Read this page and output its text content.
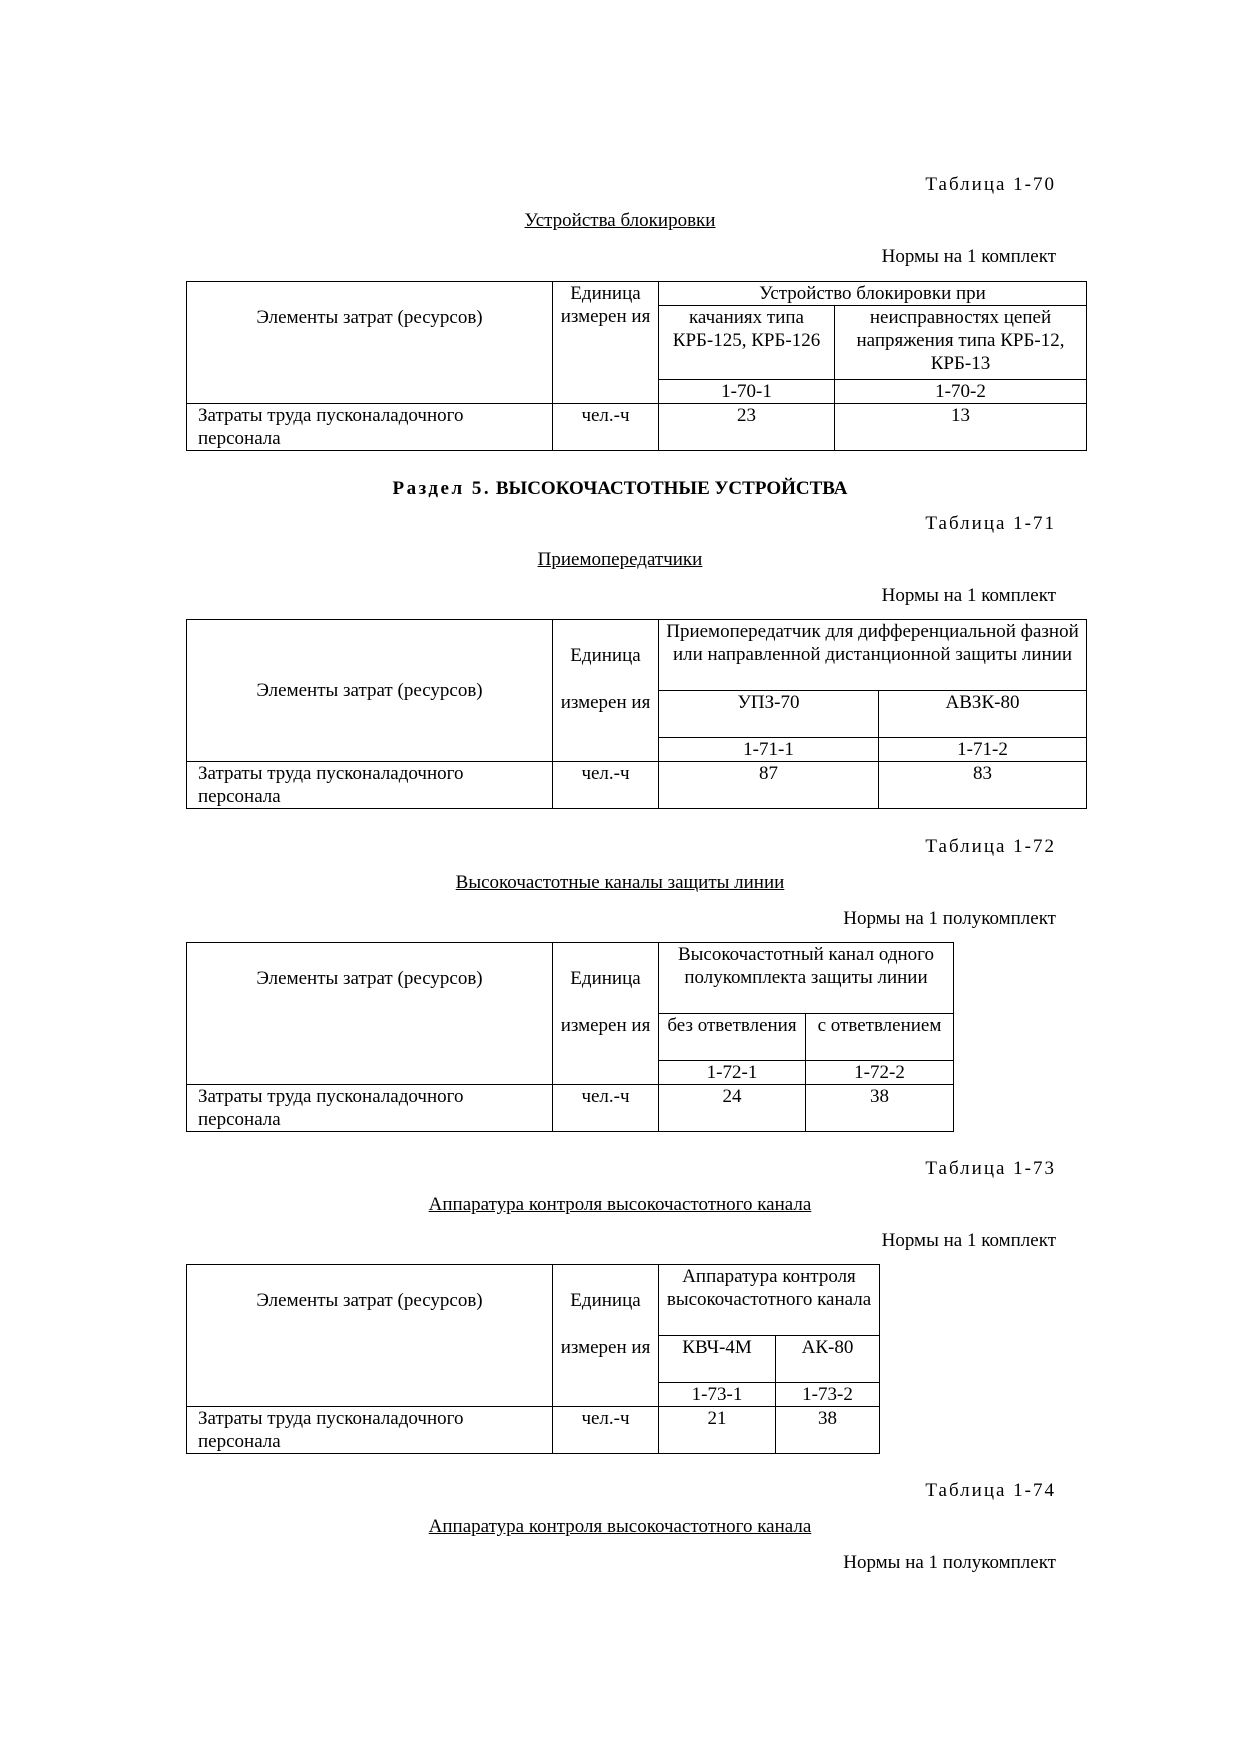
Таблица 1-70
Устройства блокировки
Нормы на 1 комплект
Элементы затрат (ресурсов)	Единица измерен ия	Устройство блокировки при	
		качаниях типа КРБ-125, КРБ-126	неисправностях цепей напряжения типа КРБ-12, КРБ-13
		1-70-1	1-70-2
Затраты труда пусконаладочного персонала	чел.-ч	23	13
Раздел 5. ВЫСОКОЧАСТОТНЫЕ УСТРОЙСТВА
Таблица 1-71
Приемопередатчики
Нормы на 1 комплект
Элементы затрат (ресурсов)	Единица	Приемопередатчик для дифференциальной фазной или направленной дистанционной защиты линии	
	измерен ия	УПЗ-70	АВЗК-80
		1-71-1	1-71-2
Затраты труда пусконаладочного персонала	чел.-ч	87	83
Таблица 1-72
Высокочастотные каналы защиты линии
Нормы на 1 полукомплект
Элементы затрат (ресурсов)	Единица	Высокочастотный канал одного полукомплекта защиты линии	
	измерен ия	без ответвления	с ответвлением
		1-72-1	1-72-2
Затраты труда пусконаладочного персонала	чел.-ч	24	38
Таблица 1-73
Аппаратура контроля высокочастотного канала
Нормы на 1 комплект
Элементы затрат (ресурсов)	Единица	Аппаратура контроля высокочастотного канала	
	измерен ия	КВЧ-4М	АК-80
		1-73-1	1-73-2
Затраты труда пусконаладочного персонала	чел.-ч	21	38
Таблица 1-74
Аппаратура контроля высокочастотного канала
Нормы на 1 полукомплект
